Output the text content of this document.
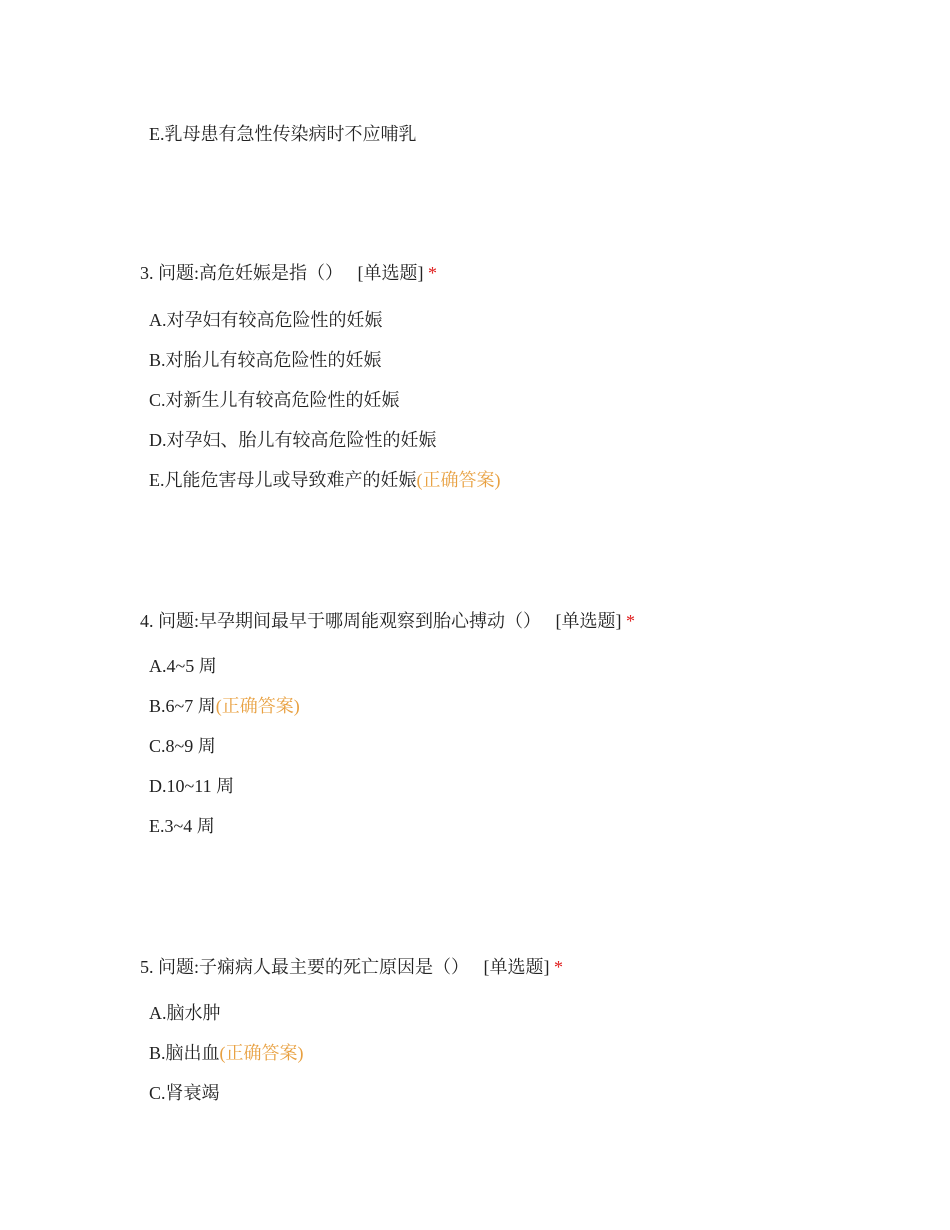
E.乳母患有急性传染病时不应哺乳
3. 问题:高危妊娠是指（） [单选题] *
A.对孕妇有较高危险性的妊娠
B.对胎儿有较高危险性的妊娠
C.对新生儿有较高危险性的妊娠
D.对孕妇、胎儿有较高危险性的妊娠
E.凡能危害母儿或导致难产的妊娠(正确答案)
4. 问题:早孕期间最早于哪周能观察到胎心搏动（） [单选题] *
A.4~5 周
B.6~7 周(正确答案)
C.8~9 周
D.10~11 周
E.3~4 周
5. 问题:子痫病人最主要的死亡原因是（） [单选题] *
A.脑水肿
B.脑出血(正确答案)
C.肾衰竭
